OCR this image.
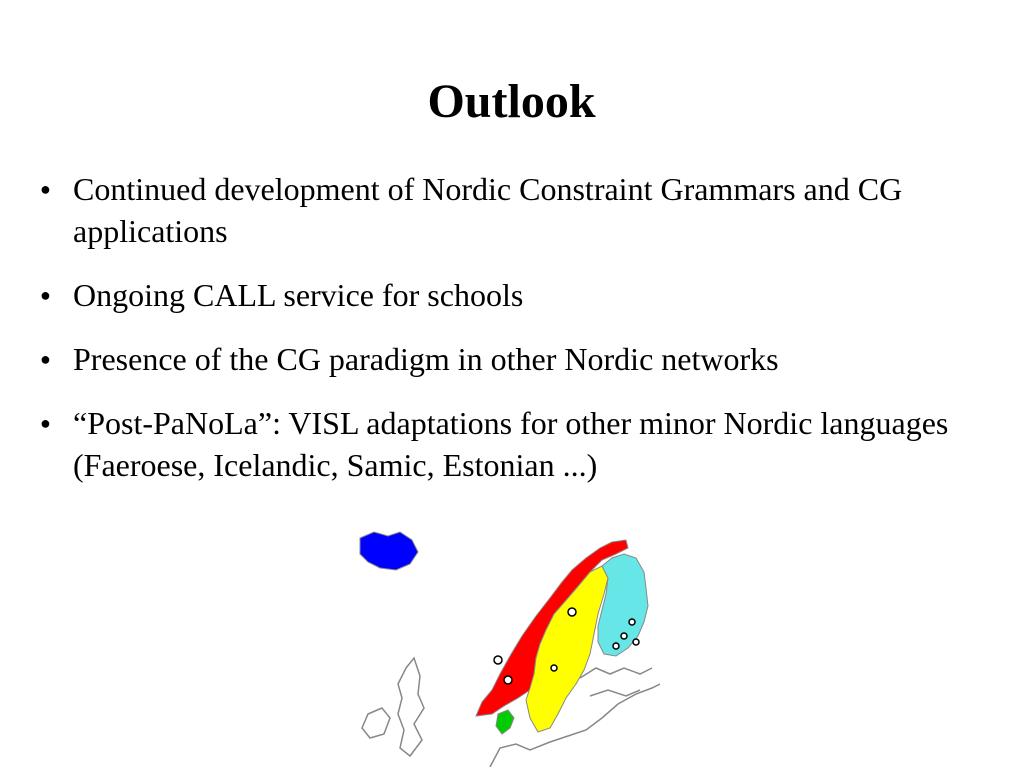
Outlook
● Continued development of Nordic Constraint Grammars and CG applications
● Ongoing CALL service for schools
● Presence of the CG paradigm in other Nordic networks
● “Post-PaNoLa”: VISL adaptations for other minor Nordic languages (Faeroese, Icelandic, Samic, Estonian ...)
